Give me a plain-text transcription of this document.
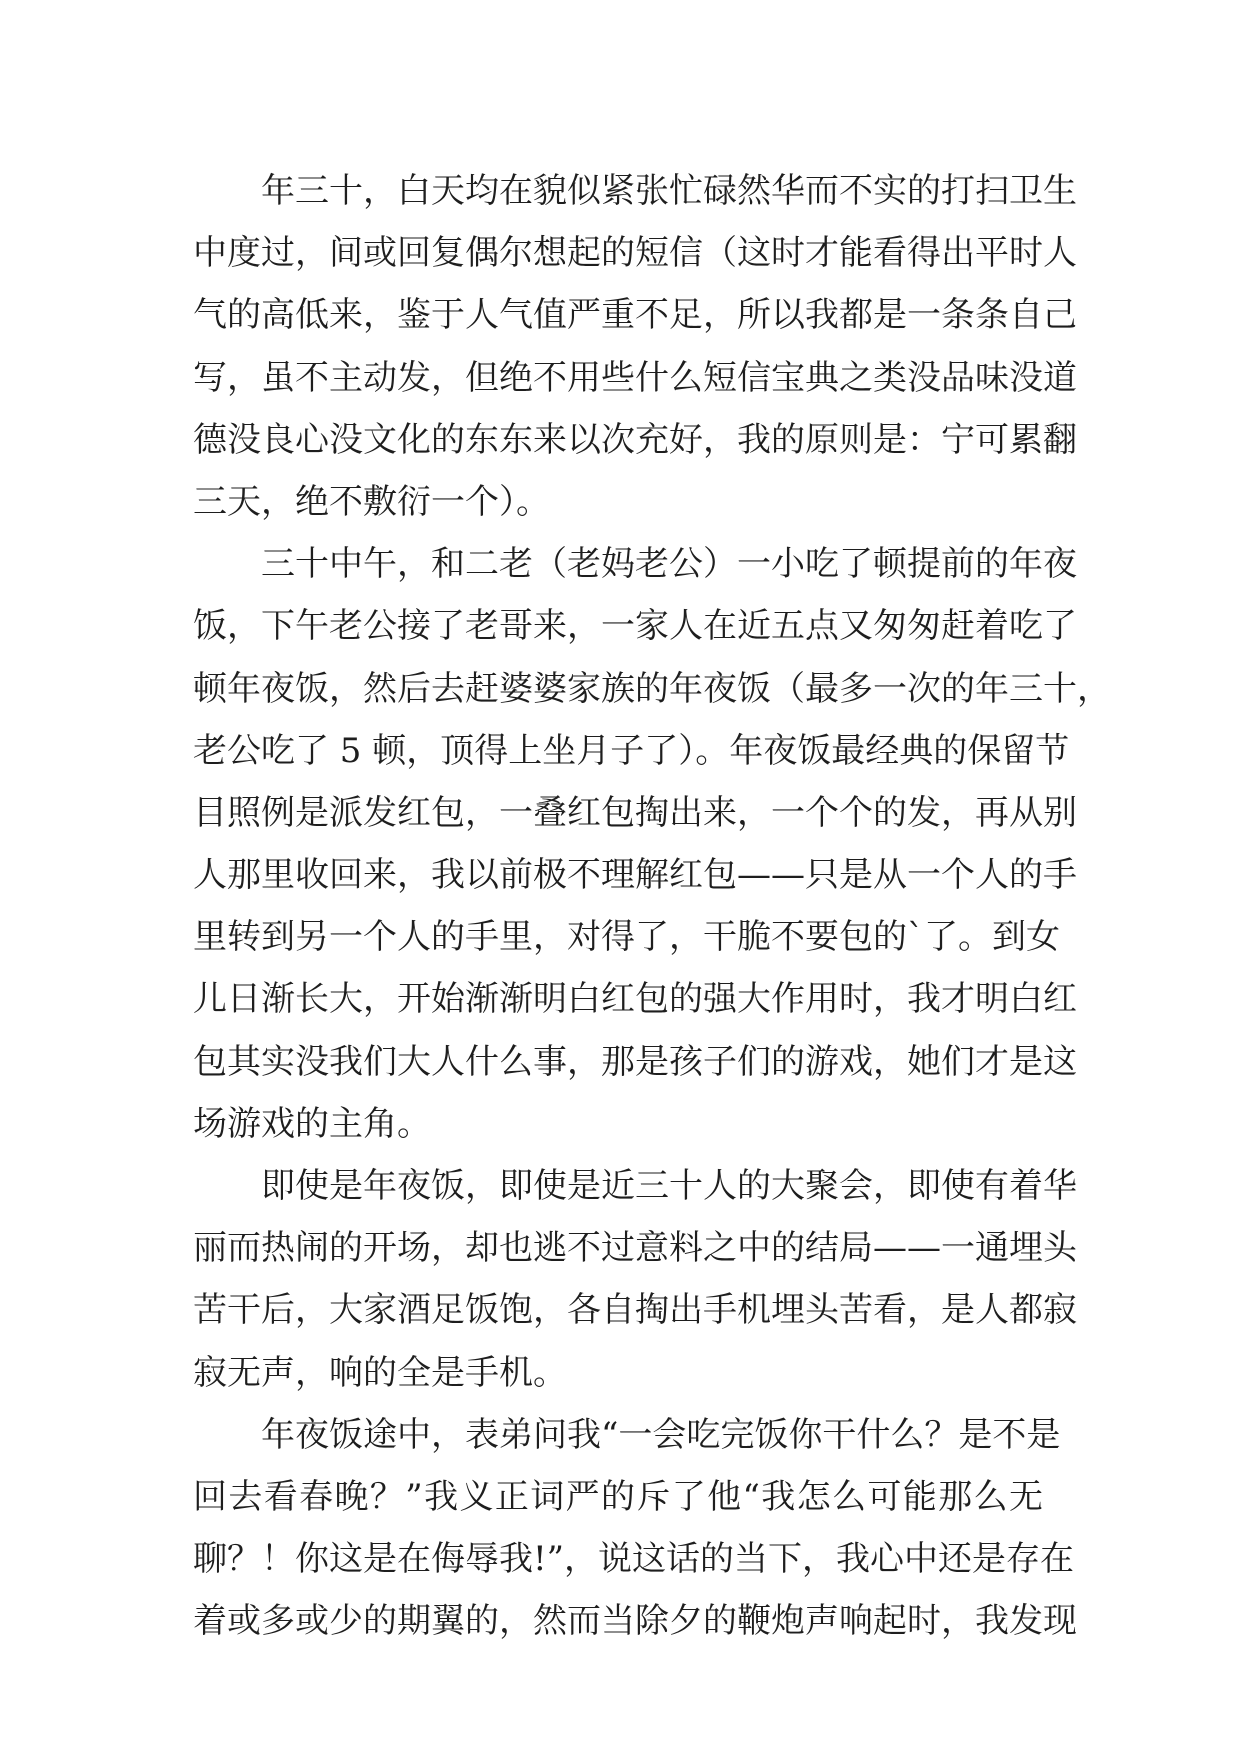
年三十，白天均在貌似紧张忙碌然华而不实的打扫卫生
中度过，间或回复偶尔想起的短信（这时才能看得出平时人
气的高低来，鉴于人气值严重不足，所以我都是一条条自己
写，虽不主动发，但绝不用些什么短信宝典之类没品味没道
德没良心没文化的东东来以次充好，我的原则是：宁可累翻
三天，绝不敷衍一个）。
三十中午，和二老（老妈老公）一小吃了顿提前的年夜
饭，下午老公接了老哥来，一家人在近五点又匆匆赶着吃了
顿年夜饭，然后去赶婆婆家族的年夜饭（最多一次的年三十，
老公吃了 5 顿，顶得上坐月子了）。年夜饭最经典的保留节
目照例是派发红包，一叠红包掏出来，一个个的发，再从别
人那里收回来，我以前极不理解红包——只是从一个人的手
里转到另一个人的手里，对得了，干脆不要包的`了。到女
儿日渐长大，开始渐渐明白红包的强大作用时，我才明白红
包其实没我们大人什么事，那是孩子们的游戏，她们才是这
场游戏的主角。
即使是年夜饭，即使是近三十人的大聚会，即使有着华
丽而热闹的开场，却也逃不过意料之中的结局——一通埋头
苦干后，大家酒足饭饱，各自掏出手机埋头苦看，是人都寂
寂无声，响的全是手机。
年夜饭途中，表弟问我“一会吃完饭你干什么？是不是
回去看春晚？”我义正词严的斥了他“我怎么可能那么无
聊？！你这是在侮辱我!”，说这话的当下，我心中还是存在
着或多或少的期翼的，然而当除夕的鞭炮声响起时，我发现
